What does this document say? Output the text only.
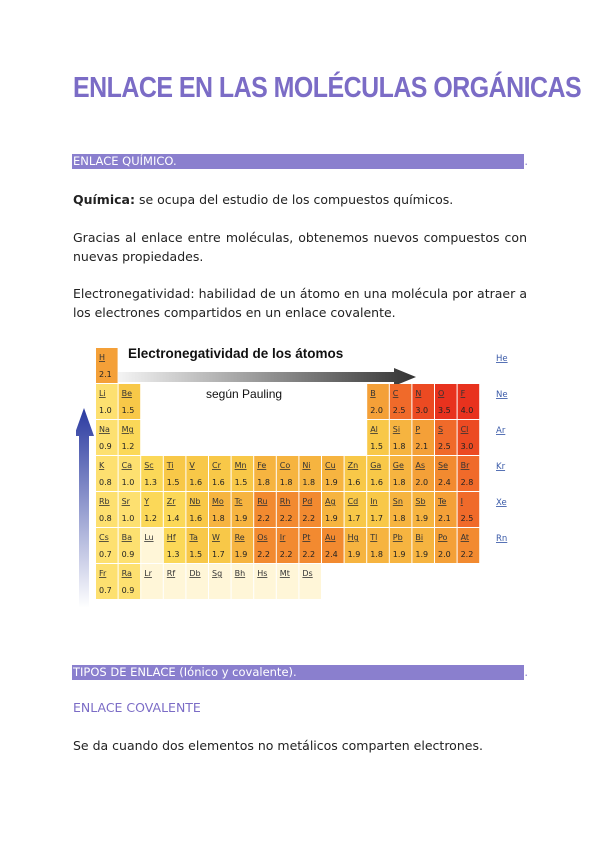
ENLACE EN LAS MOLÉCULAS ORGÁNICAS
ENLACE QUÍMICO.	.
Química: se ocupa del estudio de los compuestos químicos.
Gracias al enlace entre moléculas, obtenemos nuevos compuestos con nuevas propiedades.
Electronegatividad: habilidad de un átomo en una molécula por atraer a los electrones compartidos en un enlace covalente.
Electronegatividad de los átomos
según Pauling
H
2.1
Li
1.0
Be
1.5
B
2.0
C
2.5
N
3.0
O
3.5
F
4.0
Na
0.9
Mg
1.2
Al
1.5
Si
1.8
P
2.1
S
2.5
Cl
3.0
K
0.8
Ca
1.0
Sc
1.3
Ti
1.5
V
1.6
Cr
1.6
Mn
1.5
Fe
1.8
Co
1.8
Ni
1.8
Cu
1.9
Zn
1.6
Ga
1.6
Ge
1.8
As
2.0
Se
2.4
Br
2.8
Rb
0.8
Sr
1.0
Y
1.2
Zr
1.4
Nb
1.6
Mo
1.8
Tc
1.9
Ru
2.2
Rh
2.2
Pd
2.2
Ag
1.9
Cd
1.7
In
1.7
Sn
1.8
Sb
1.9
Te
2.1
I
2.5
Cs
0.7
Ba
0.9
Lu Hf
1.3
Ta
1.5
W
1.7
Re
1.9
Os
2.2
Ir
2.2
Pt
2.2
Au
2.4
Hg
1.9
Tl
1.8
Pb
1.9
Bi
1.9
Po
2.0
At
2.2
Fr
0.7
Ra
0.9
Lr Rf Db Sg Bh Hs Mt Ds
He
Ne
Ar
Kr
Xe
Rn
TIPOS DE ENLACE (Iónico y covalente).	.
ENLACE COVALENTE
Se da cuando dos elementos no metálicos comparten electrones.
